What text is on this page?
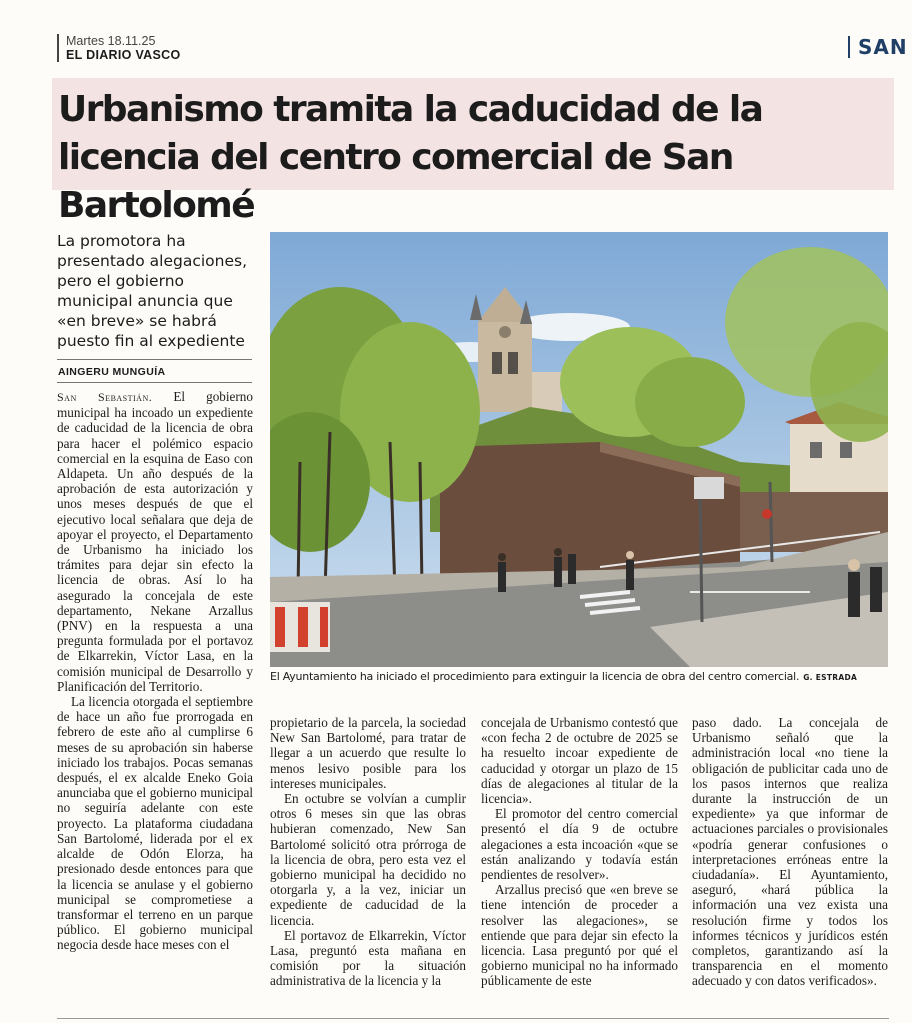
Martes 18.11.25
EL DIARIO VASCO	SAN
Urbanismo tramita la caducidad de la licencia del centro comercial de San Bartolomé

La promotora ha presentado alegaciones, pero el gobierno municipal anuncia que «en breve» se habrá puesto fin al expediente

AINGERU MUNGUÍA

San Sebastián. El gobierno municipal ha incoado un expediente de caducidad de la licencia de obra para hacer el polémico espacio comercial en la esquina de Easo con Aldapeta. Un año después de la aprobación de esta autorización y unos meses después de que el ejecutivo local señalara que deja de apoyar el proyecto, el Departamento de Urbanismo ha iniciado los trámites para dejar sin efecto la licencia de obras. Así lo ha asegurado la concejala de este departamento, Nekane Arzallus (PNV) en la respuesta a una pregunta formulada por el portavoz de Elkarrekin, Víctor Lasa, en la comisión municipal de Desarrollo y Planificación del Territorio.

La licencia otorgada el septiembre de hace un año fue prorrogada en febrero de este año al cumplirse 6 meses de su aprobación sin haberse iniciado los trabajos. Pocas semanas después, el ex alcalde Eneko Goia anunciaba que el gobierno municipal no seguiría adelante con este proyecto. La plataforma ciudadana San Bartolomé, liderada por el ex alcalde de Odón Elorza, ha presionado desde entonces para que la licencia se anulase y el gobierno municipal se comprometiese a transformar el terreno en un parque público. El gobierno municipal negocia desde hace meses con el

El Ayuntamiento ha iniciado el procedimiento para extinguir la licencia de obra del centro comercial. G. ESTRADA

propietario de la parcela, la sociedad New San Bartolomé, para tratar de llegar a un acuerdo que resulte lo menos lesivo posible para los intereses municipales.

En octubre se volvían a cumplir otros 6 meses sin que las obras hubieran comenzado, New San Bartolomé solicitó otra prórroga de la licencia de obra, pero esta vez el gobierno municipal ha decidido no otorgarla y, a la vez, iniciar un expediente de caducidad de la licencia.

El portavoz de Elkarrekin, Víctor Lasa, preguntó esta mañana en comisión por la situación administrativa de la licencia y la

concejala de Urbanismo contestó que «con fecha 2 de octubre de 2025 se ha resuelto incoar expediente de caducidad y otorgar un plazo de 15 días de alegaciones al titular de la licencia».

El promotor del centro comercial presentó el día 9 de octubre alegaciones a esta incoación «que se están analizando y todavía están pendientes de resolver».

Arzallus precisó que «en breve se tiene intención de proceder a resolver las alegaciones», se entiende que para dejar sin efecto la licencia. Lasa preguntó por qué el gobierno municipal no ha informado públicamente de este

paso dado. La concejala de Urbanismo señaló que la administración local «no tiene la obligación de publicitar cada uno de los pasos internos que realiza durante la instrucción de un expediente» ya que informar de actuaciones parciales o provisionales «podría generar confusiones o interpretaciones erróneas entre la ciudadanía». El Ayuntamiento, aseguró, «hará pública la información una vez exista una resolución firme y todos los informes técnicos y jurídicos estén completos, garantizando así la transparencia en el momento adecuado y con datos verificados».
